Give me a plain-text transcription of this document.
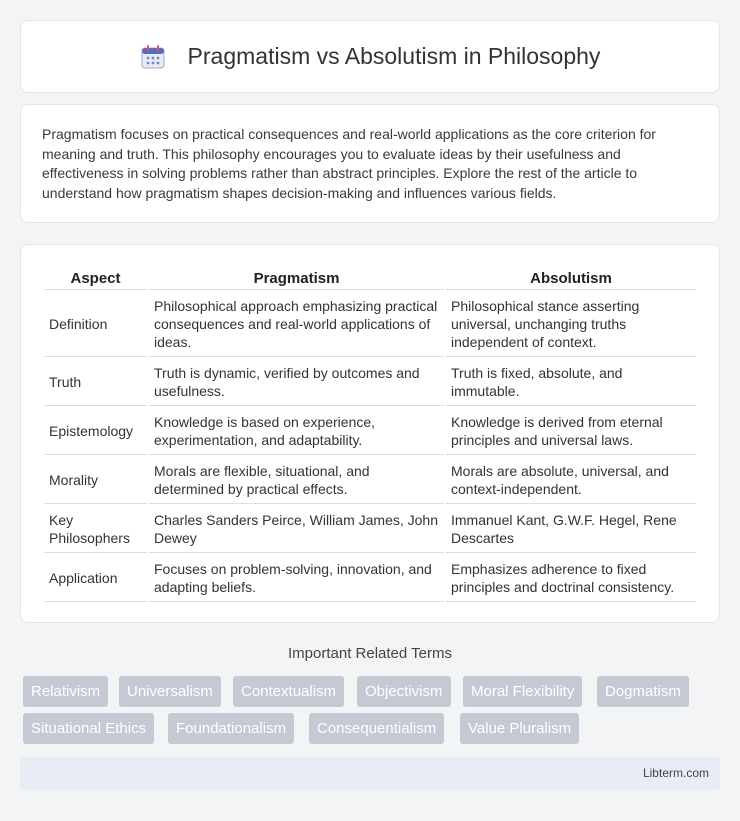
Pragmatism vs Absolutism in Philosophy

Pragmatism focuses on practical consequences and real-world applications as the core criterion for meaning and truth. This philosophy encourages you to evaluate ideas by their usefulness and effectiveness in solving problems rather than abstract principles. Explore the rest of the article to understand how pragmatism shapes decision-making and influences various fields.

Aspect	Pragmatism	Absolutism
Definition	Philosophical approach emphasizing practical consequences and real-world applications of ideas.	Philosophical stance asserting universal, unchanging truths independent of context.
Truth	Truth is dynamic, verified by outcomes and usefulness.	Truth is fixed, absolute, and immutable.
Epistemology	Knowledge is based on experience, experimentation, and adaptability.	Knowledge is derived from eternal principles and universal laws.
Morality	Morals are flexible, situational, and determined by practical effects.	Morals are absolute, universal, and context-independent.
Key Philosophers	Charles Sanders Peirce, William James, John Dewey	Immanuel Kant, G.W.F. Hegel, Rene Descartes
Application	Focuses on problem-solving, innovation, and adapting beliefs.	Emphasizes adherence to fixed principles and doctrinal consistency.
Important Related Terms
Relativism	Universalism	Contextualism	Objectivism	Moral Flexibility	Dogmatism
Situational Ethics	Foundationalism	Consequentialism	Value Pluralism
Libterm.com
